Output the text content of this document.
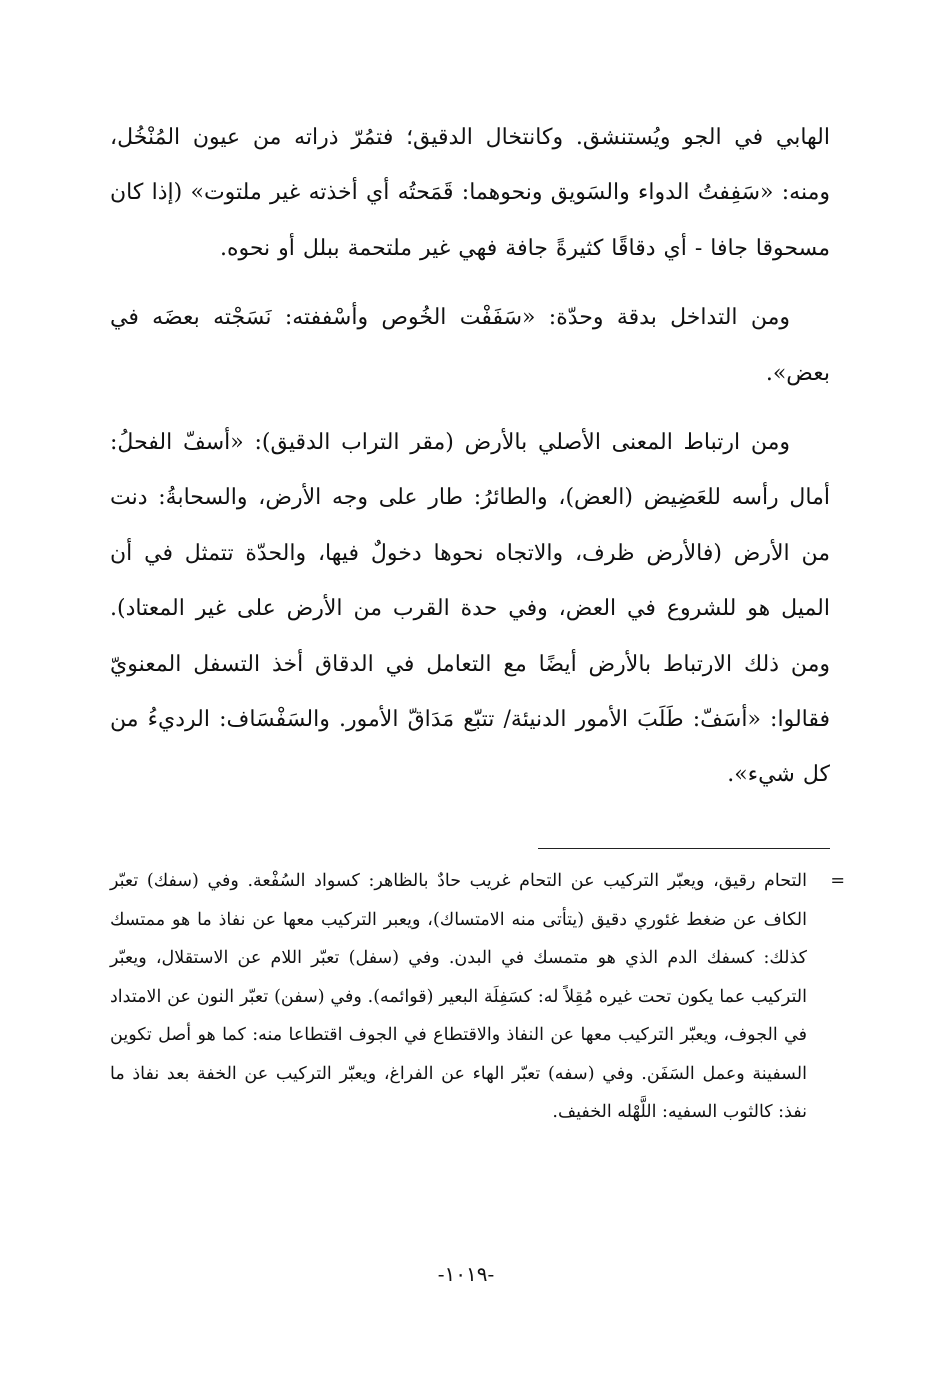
الهابي في الجو ويُستنشق. وكانتخال الدقيق؛ فتمُرّ ذراته من عيون المُنْخُل، ومنه: «سَفِفتُ الدواء والسَويق ونحوهما: قَمَحتُه أي أخذته غير ملتوت» (إذا كان مسحوقا جافا - أي دقاقًا كثيرةً جافة فهي غير ملتحمة ببلل أو نحوه.

ومن التداخل بدقة وحدّة: «سَفَفْت الخُوص وأسْففته: نَسَجْته بعضَه في بعض».

ومن ارتباط المعنى الأصلي بالأرض (مقر التراب الدقيق): «أسفّ الفحلُ: أمال رأسه للعَضِيض (العض)، والطائرُ: طار على وجه الأرض، والسحابةُ: دنت من الأرض (فالأرض ظرف، والاتجاه نحوها دخولٌ فيها، والحدّة تتمثل في أن الميل هو للشروع في العض، وفي حدة القرب من الأرض على غير المعتاد). ومن ذلك الارتباط بالأرض أيضًا مع التعامل في الدقاق أخذ التسفل المعنويّ فقالوا: «أسَفّ: طَلَبَ الأمور الدنيئة/ تتبّع مَدَاقّ الأمور. والسَفْسَاف: الرديءُ من كل شيء».

=

التحام رقيق، ويعبّر التركيب عن التحام غريب حادٌ بالظاهر: كسواد السُفْعة. وفي (سفك) تعبّر الكاف عن ضغط غئوري دقيق (يتأتى منه الامتساك)، ويعبر التركيب معها عن نفاذ ما هو ممتسك كذلك: كسفك الدم الذي هو متمسك في البدن. وفي (سفل) تعبّر اللام عن الاستقلال، ويعبّر التركيب عما يكون تحت غيره مُقِلاً له: كسَفِلَة البعير (قوائمه). وفي (سفن) تعبّر النون عن الامتداد في الجوف، ويعبّر التركيب معها عن النفاذ والاقتطاع في الجوف اقتطاعا منه: كما هو أصل تكوين السفينة وعمل السَفَن. وفي (سفه) تعبّر الهاء عن الفراغ، ويعبّر التركيب عن الخفة بعد نفاذ ما نفذ: كالثوب السفيه: اللَّهْله الخفيف.

-١٠١٩-
